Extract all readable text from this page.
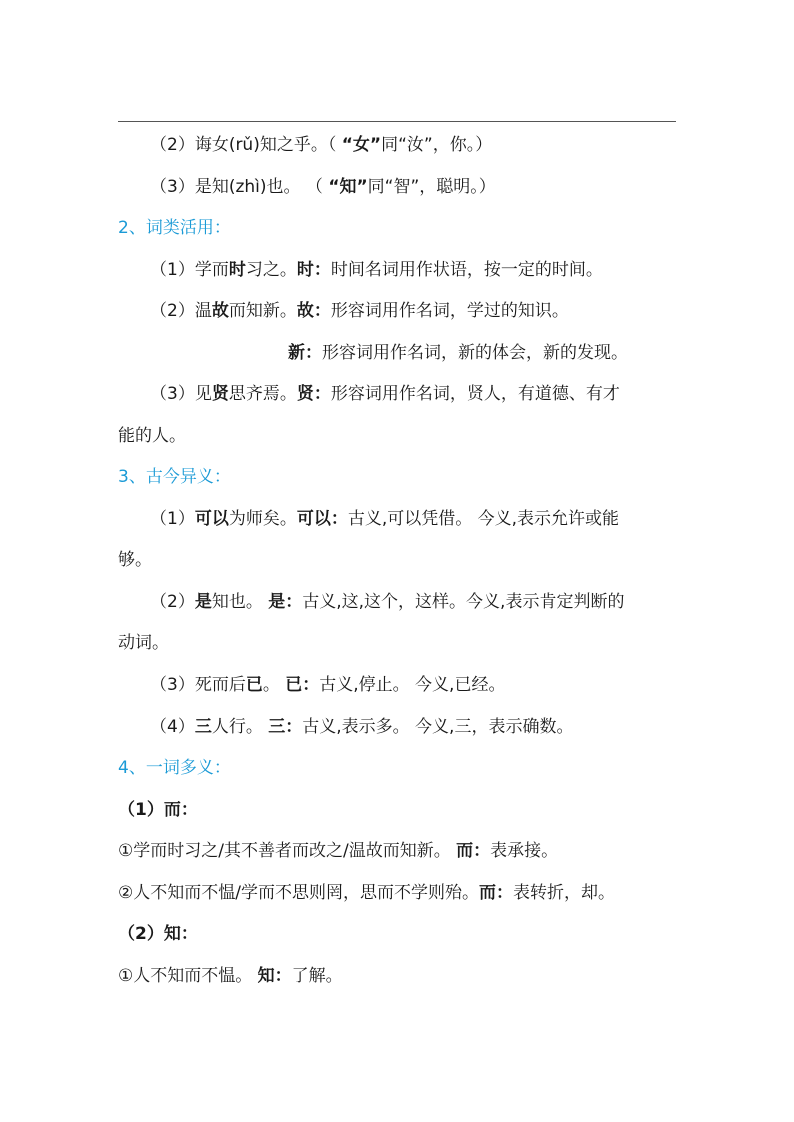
（2）诲女(rǔ)知之乎。（ “女”同“汝”，你。）
（3）是知(zhì)也。 （ “知”同“智”，聪明。）
2、词类活用：
（1）学而时习之。时：时间名词用作状语，按一定的时间。
（2）温故而知新。故：形容词用作名词，学过的知识。
新：形容词用作名词，新的体会，新的发现。
（3）见贤思齐焉。贤：形容词用作名词，贤人，有道德、有才
能的人。
3、古今异义：
（1）可以为师矣。可以：古义,可以凭借。 今义,表示允许或能
够。
（2）是知也。 是：古义,这,这个，这样。今义,表示肯定判断的
动词。
（3）死而后已。 已：古义,停止。 今义,已经。
（4）三人行。 三：古义,表示多。 今义,三，表示确数。
4、一词多义：
（1）而：
①学而时习之/其不善者而改之/温故而知新。 而：表承接。
②人不知而不愠/学而不思则罔，思而不学则殆。而：表转折，却。
（2）知：
①人不知而不愠。 知：了解。
